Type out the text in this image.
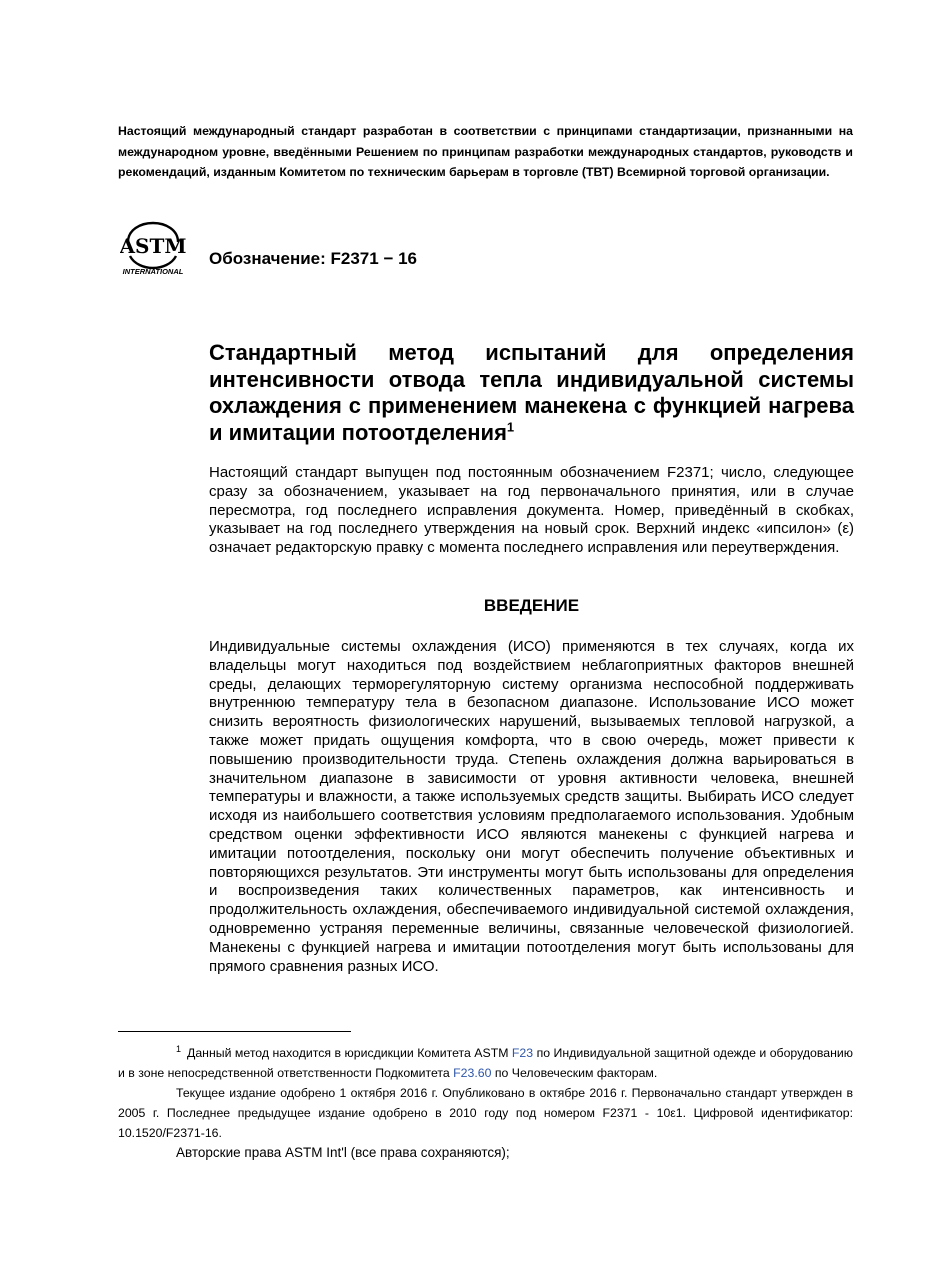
Настоящий международный стандарт разработан в соответствии с принципами стандартизации, признанными на международном уровне, введёнными Решением по принципам разработки международных стандартов, руководств и рекомендаций, изданным Комитетом по техническим барьерам в торговле (ТВТ) Всемирной торговой организации.
ASTM
INTERNATIONAL
Обозначение: F2371 − 16
Стандартный метод испытаний для определения интенсивности отвода тепла индивидуальной системы охлаждения с применением манекена с функцией нагрева и имитации потоотделения$^1$
Настоящий стандарт выпущен под постоянным обозначением F2371; число, следующее сразу за обозначением, указывает на год первоначального принятия, или в случае пересмотра, год последнего исправления документа. Номер, приведённый в скобках, указывает на год последнего утверждения на новый срок. Верхний индекс «ипсилон» (ε) означает редакторскую правку с момента последнего исправления или переутверждения.
ВВЕДЕНИЕ
Индивидуальные системы охлаждения (ИСО) применяются в тех случаях, когда их владельцы могут находиться под воздействием неблагоприятных факторов внешней среды, делающих терморегуляторную систему организма неспособной поддерживать внутреннюю температуру тела в безопасном диапазоне. Использование ИСО может снизить вероятность физиологических нарушений, вызываемых тепловой нагрузкой, а также может придать ощущения комфорта, что в свою очередь, может привести к повышению производительности труда. Степень охлаждения должна варьироваться в значительном диапазоне в зависимости от уровня активности человека, внешней температуры и влажности, а также используемых средств защиты. Выбирать ИСО следует исходя из наибольшего соответствия условиям предполагаемого использования. Удобным средством оценки эффективности ИСО являются манекены с функцией нагрева и имитации потоотделения, поскольку они могут обеспечить получение объективных и повторяющихся результатов. Эти инструменты могут быть использованы для определения и воспроизведения таких количественных параметров, как интенсивность и продолжительность охлаждения, обеспечиваемого индивидуальной системой охлаждения, одновременно устраняя переменные величины, связанные человеческой физиологией. Манекены с функцией нагрева и имитации потоотделения могут быть использованы для прямого сравнения разных ИСО.

$^1$ Данный метод находится в юрисдикции Комитета ASTM F23 по Индивидуальной защитной одежде и оборудованию и в зоне непосредственной ответственности Подкомитета F23.60 по Человеческим факторам.

Текущее издание одобрено 1 октября 2016 г. Опубликовано в октябре 2016 г. Первоначально стандарт утвержден в 2005 г. Последнее предыдущее издание одобрено в 2010 году под номером F2371 - 10ε1. Цифровой идентификатор: 10.1520/F2371-16.

Авторские права ASTM Int'l (все права сохраняются);
